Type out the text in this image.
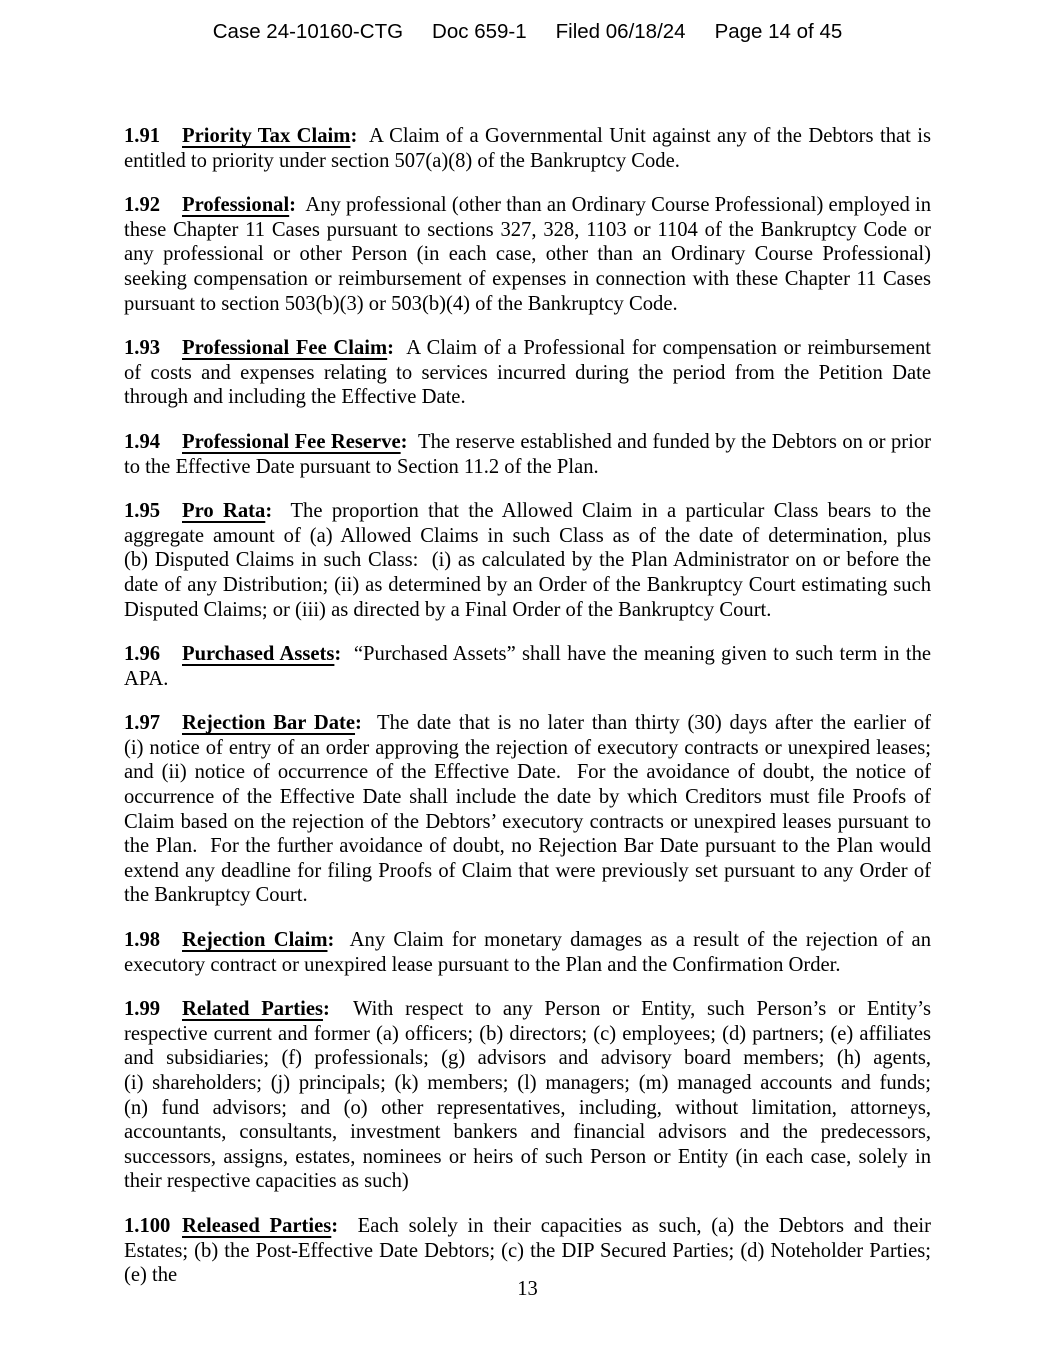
Case 24-10160-CTG Doc 659-1 Filed 06/18/24 Page 14 of 45

1.91 Priority Tax Claim:  A Claim of a Governmental Unit against any of the Debtors that is entitled to priority under section 507(a)(8) of the Bankruptcy Code.

1.92 Professional:  Any professional (other than an Ordinary Course Professional) employed in these Chapter 11 Cases pursuant to sections 327, 328, 1103 or 1104 of the Bankruptcy Code or any professional or other Person (in each case, other than an Ordinary Course Professional) seeking compensation or reimbursement of expenses in connection with these Chapter 11 Cases pursuant to section 503(b)(3) or 503(b)(4) of the Bankruptcy Code.

1.93 Professional Fee Claim:  A Claim of a Professional for compensation or reimbursement of costs and expenses relating to services incurred during the period from the Petition Date through and including the Effective Date.

1.94 Professional Fee Reserve:  The reserve established and funded by the Debtors on or prior to the Effective Date pursuant to Section 11.2 of the Plan.

1.95 Pro Rata:  The proportion that the Allowed Claim in a particular Class bears to the aggregate amount of (a) Allowed Claims in such Class as of the date of determination, plus (b) Disputed Claims in such Class:  (i) as calculated by the Plan Administrator on or before the date of any Distribution; (ii) as determined by an Order of the Bankruptcy Court estimating such Disputed Claims; or (iii) as directed by a Final Order of the Bankruptcy Court.

1.96 Purchased Assets:  “Purchased Assets” shall have the meaning given to such term in the APA.

1.97 Rejection Bar Date:  The date that is no later than thirty (30) days after the earlier of (i) notice of entry of an order approving the rejection of executory contracts or unexpired leases; and (ii) notice of occurrence of the Effective Date.  For the avoidance of doubt, the notice of occurrence of the Effective Date shall include the date by which Creditors must file Proofs of Claim based on the rejection of the Debtors’ executory contracts or unexpired leases pursuant to the Plan.  For the further avoidance of doubt, no Rejection Bar Date pursuant to the Plan would extend any deadline for filing Proofs of Claim that were previously set pursuant to any Order of the Bankruptcy Court.

1.98 Rejection Claim:  Any Claim for monetary damages as a result of the rejection of an executory contract or unexpired lease pursuant to the Plan and the Confirmation Order.

1.99 Related Parties:  With respect to any Person or Entity, such Person’s or Entity’s respective current and former (a) officers; (b) directors; (c) employees; (d) partners; (e) affiliates and subsidiaries; (f) professionals; (g) advisors and advisory board members; (h) agents, (i) shareholders; (j) principals; (k) members; (l) managers; (m) managed accounts and funds; (n) fund advisors; and (o) other representatives, including, without limitation, attorneys, accountants, consultants, investment bankers and financial advisors and the predecessors, successors, assigns, estates, nominees or heirs of such Person or Entity (in each case, solely in their respective capacities as such)

1.100 Released Parties:  Each solely in their capacities as such, (a) the Debtors and their Estates; (b) the Post-Effective Date Debtors; (c) the DIP Secured Parties; (d) Noteholder Parties; (e) the

13
